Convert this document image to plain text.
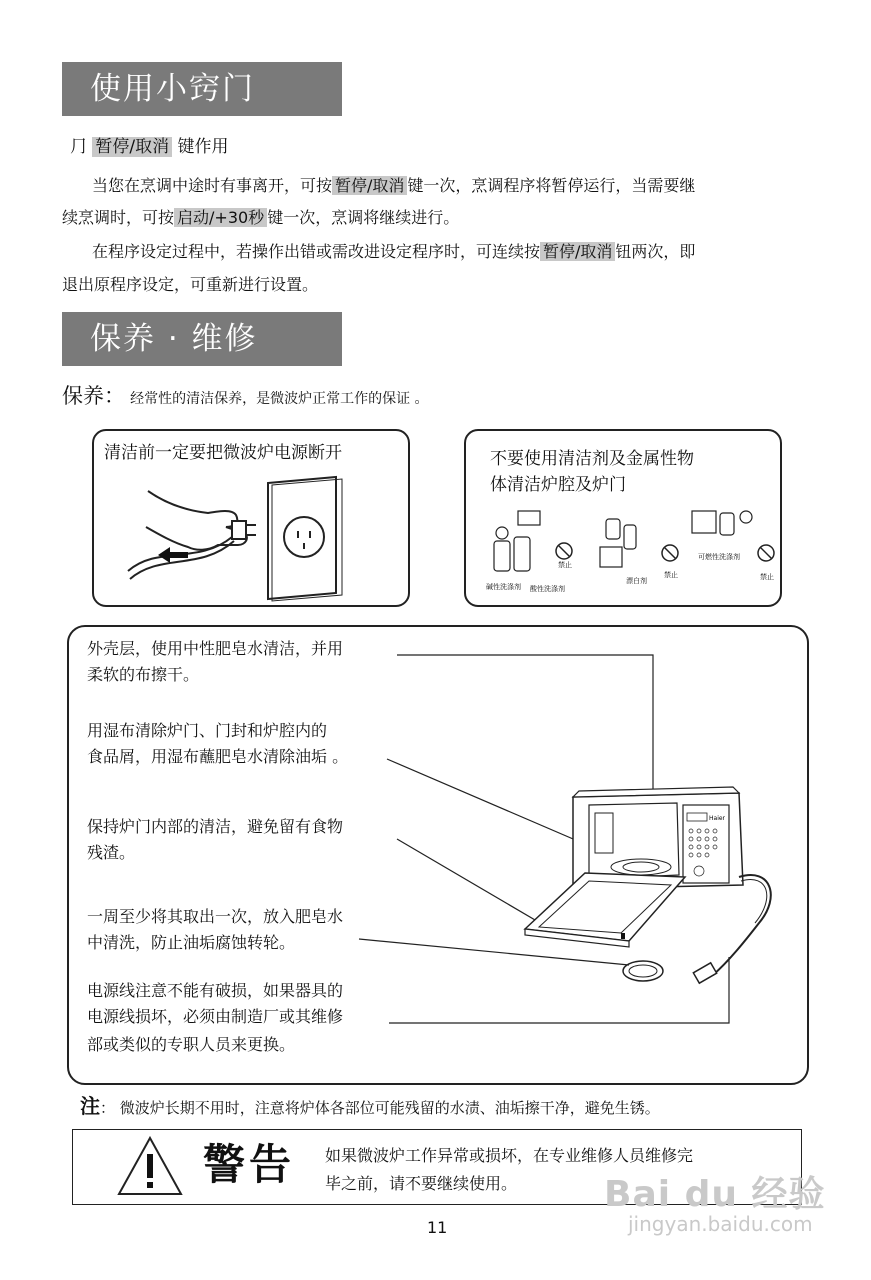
使用小窍门
⺆ 暂停/取消 键作用
当您在烹调中途时有事离开，可按 暂停/取消 键一次，烹调程序将暂停运行，当需要继
续烹调时，可按 启动/+30秒 键一次，烹调将继续进行。
在程序设定过程中，若操作出错或需改进设定程序时，可连续按 暂停/取消 钮两次，即
退出原程序设定，可重新进行设置。
保养 · 维修
保养： 经常性的清洁保养，是微波炉正常工作的保证 。
清洁前一定要把微波炉电源断开	不要使用清洁剂及金属性物
体清洁炉腔及炉门
碱性洗涤剂 酸性洗涤剂
禁止
漂白剂
禁止
可燃性洗涤剂
禁止
外壳层，使用中性肥皂水清洁，并用
柔软的布擦干。
用湿布清除炉门、门封和炉腔内的
食品屑，用湿布蘸肥皂水清除油垢 。
保持炉门内部的清洁，避免留有食物
残渣。
一周至少将其取出一次，放入肥皂水
中清洗，防止油垢腐蚀转轮。
电源线注意不能有破损，如果器具的
电源线损坏，必须由制造厂或其维修
部或类似的专职人员来更换。
Haier
注： 微波炉长期不用时，注意将炉体各部位可能残留的水渍、油垢擦干净，避免生锈。
警告 如果微波炉工作异常或损坏，在专业维修人员维修完
毕之前，请不要继续使用。
11
Bai du 经验
jingyan.baidu.com
